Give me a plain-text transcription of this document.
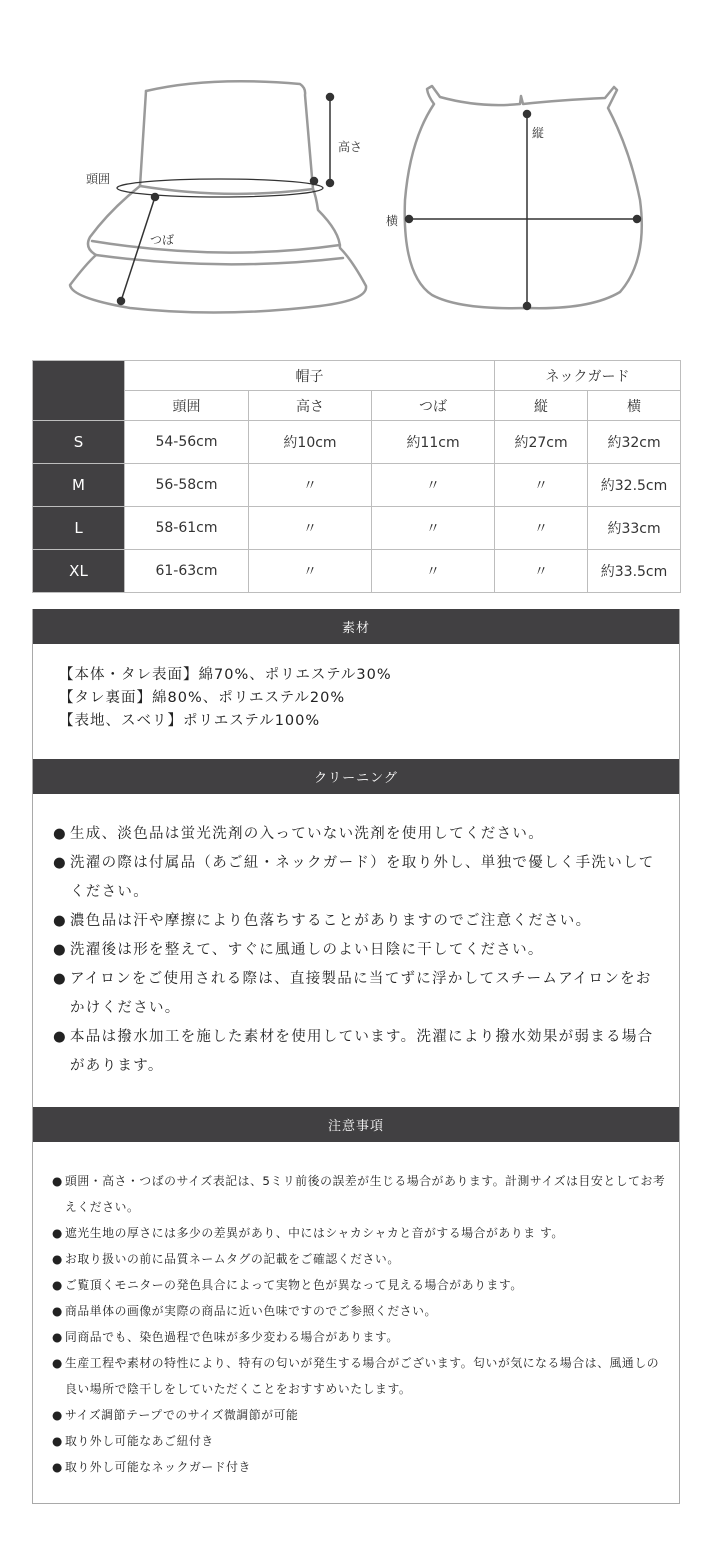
頭囲
つば
高さ
縦
横
	帽子			ネックガード	
	頭囲	高さ	つば	縦	横
S	54-56cm	約10cm	約11cm	約27cm	約32cm
M	56-58cm	〃	〃	〃	約32.5cm
L	58-61cm	〃	〃	〃	約33cm
XL	61-63cm	〃	〃	〃	約33.5cm
素材
【本体・タレ表面】綿70%、ポリエステル30%
【タレ裏面】綿80%、ポリエステル20%
【表地、スベリ】ポリエステル100%
クリーニング
● 生成、淡色品は蛍光洗剤の入っていない洗剤を使用してください。
● 洗濯の際は付属品（あご紐・ネックガード）を取り外し、単独で優しく手洗いしてください。
● 濃色品は汗や摩擦により色落ちすることがありますのでご注意ください。
● 洗濯後は形を整えて、すぐに風通しのよい日陰に干してください。
● アイロンをご使用される際は、直接製品に当てずに浮かしてスチームアイロンをおかけください。
● 本品は撥水加工を施した素材を使用しています。洗濯により撥水効果が弱まる場合があります。
注意事項
● 頭囲・高さ・つばのサイズ表記は、5ミリ前後の誤差が生じる場合があります。計測サイズは目安としてお考えください。
● 遮光生地の厚さには多少の差異があり、中にはシャカシャカと音がする場合がありま す。
● お取り扱いの前に品質ネームタグの記載をご確認ください。
● ご覧頂くモニターの発色具合によって実物と色が異なって見える場合があります。
● 商品単体の画像が実際の商品に近い色味ですのでご参照ください。
● 同商品でも、染色過程で色味が多少変わる場合があります。
● 生産工程や素材の特性により、特有の匂いが発生する場合がございます。匂いが気になる場合は、風通しの良い場所で陰干しをしていただくことをおすすめいたします。
● サイズ調節テープでのサイズ微調節が可能
● 取り外し可能なあご紐付き
● 取り外し可能なネックガード付き
